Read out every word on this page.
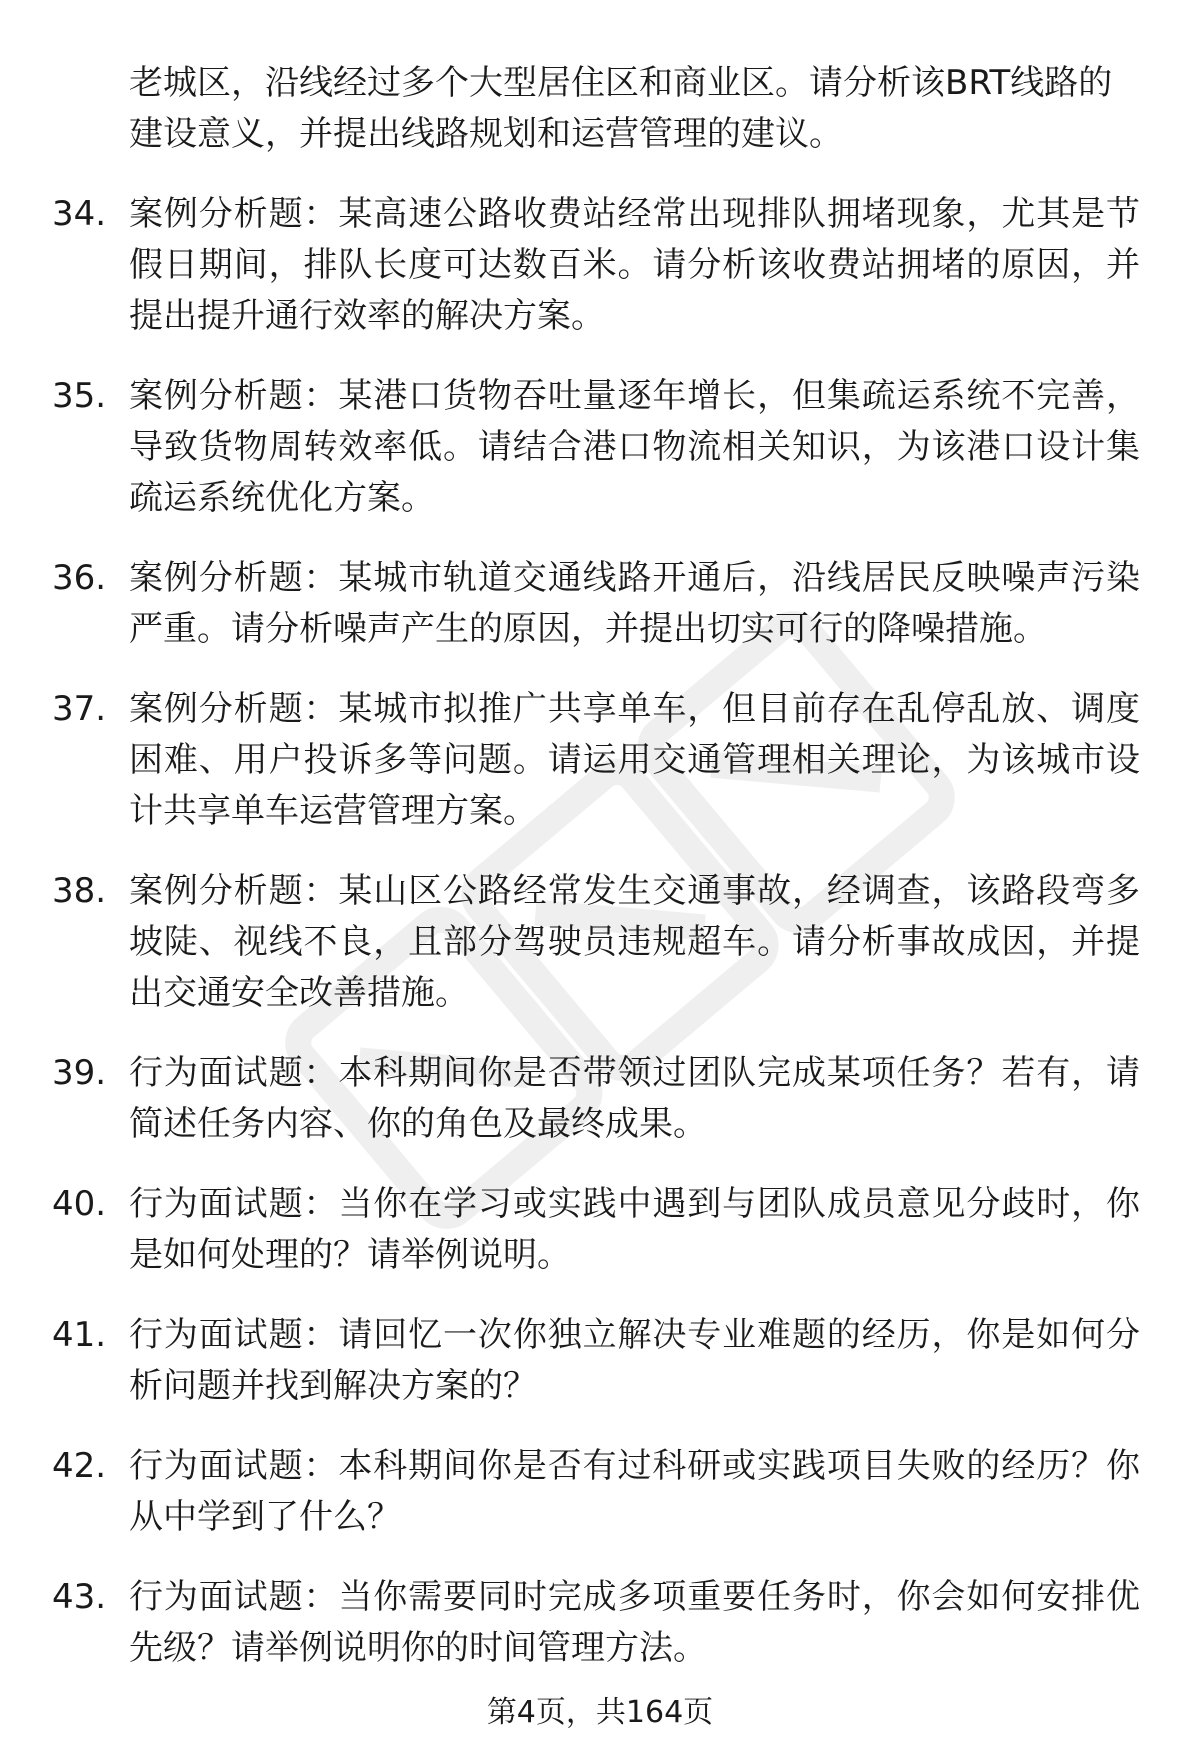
老城区，沿线经过多个大型居住区和商业区。请分析该BRT线路的建设意义，并提出线路规划和运营管理的建议。
34. 案例分析题：某高速公路收费站经常出现排队拥堵现象，尤其是节假日期间，排队长度可达数百米。请分析该收费站拥堵的原因，并提出提升通行效率的解决方案。
35. 案例分析题：某港口货物吞吐量逐年增长，但集疏运系统不完善，导致货物周转效率低。请结合港口物流相关知识，为该港口设计集疏运系统优化方案。
36. 案例分析题：某城市轨道交通线路开通后，沿线居民反映噪声污染严重。请分析噪声产生的原因，并提出切实可行的降噪措施。
37. 案例分析题：某城市拟推广共享单车，但目前存在乱停乱放、调度困难、用户投诉多等问题。请运用交通管理相关理论，为该城市设计共享单车运营管理方案。
38. 案例分析题：某山区公路经常发生交通事故，经调查，该路段弯多坡陡、视线不良，且部分驾驶员违规超车。请分析事故成因，并提出交通安全改善措施。
39. 行为面试题：本科期间你是否带领过团队完成某项任务？若有，请简述任务内容、你的角色及最终成果。
40. 行为面试题：当你在学习或实践中遇到与团队成员意见分歧时，你是如何处理的？请举例说明。
41. 行为面试题：请回忆一次你独立解决专业难题的经历，你是如何分析问题并找到解决方案的？
42. 行为面试题：本科期间你是否有过科研或实践项目失败的经历？你从中学到了什么？
43. 行为面试题：当你需要同时完成多项重要任务时，你会如何安排优先级？请举例说明你的时间管理方法。
第4页，共164页
